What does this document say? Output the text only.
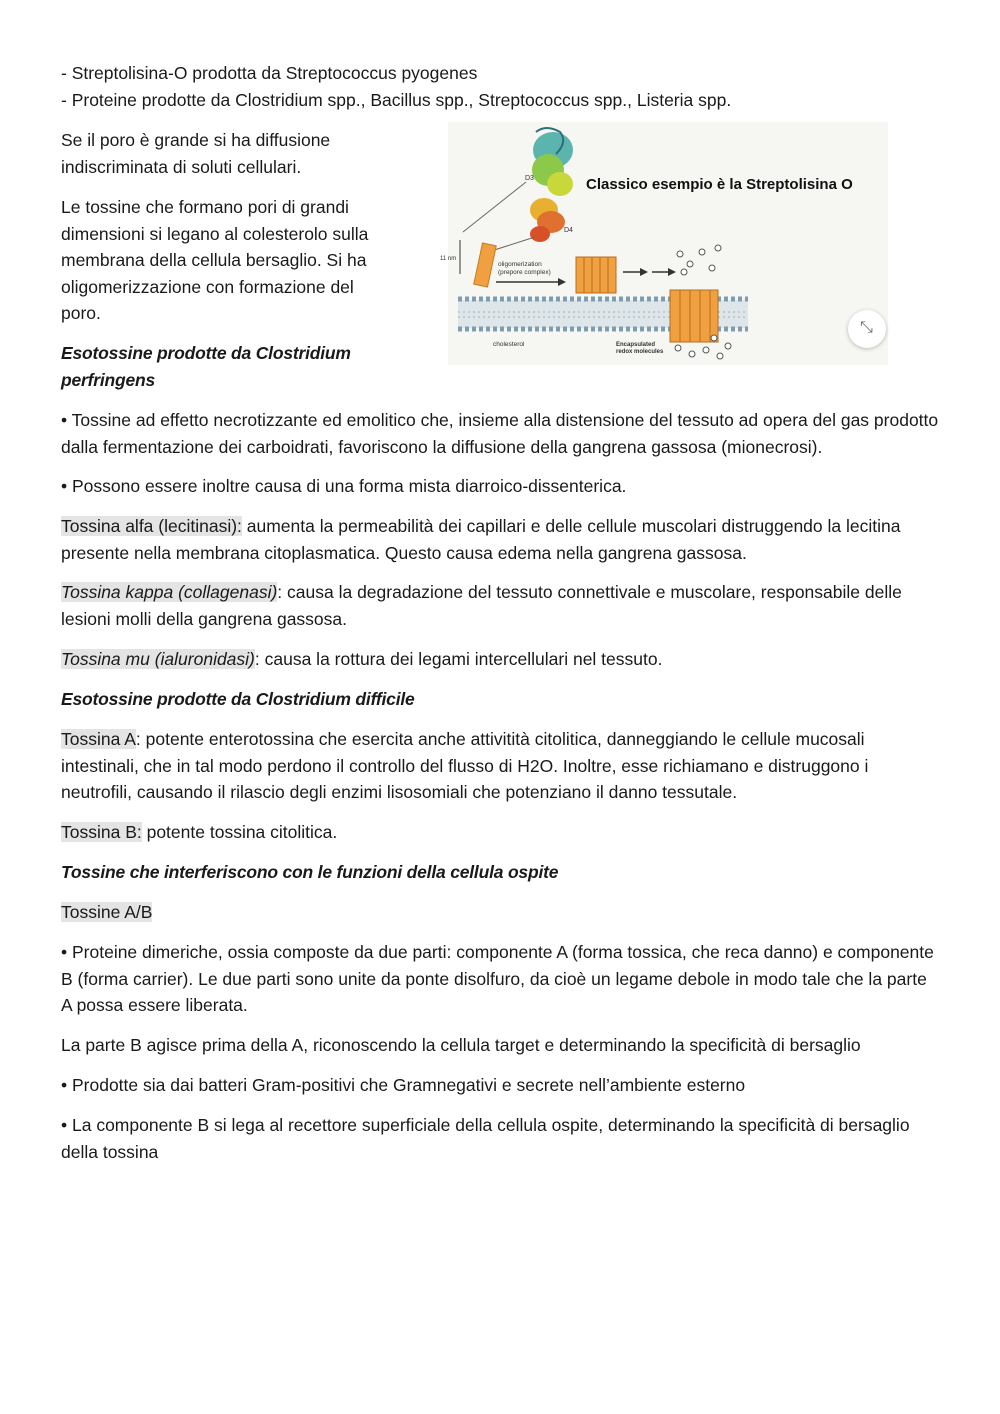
- Streptolisina-O prodotta da Streptococcus pyogenes

- Proteine prodotte da Clostridium spp., Bacillus spp., Streptococcus spp., Listeria spp.

Se il poro è grande si ha diffusione indiscriminata di soluti cellulari.

Le tossine che formano pori di grandi dimensioni si legano al colesterolo sulla membrana della cellula bersaglio. Si ha oligomerizzazione con formazione del poro.

Esotossine prodotte da Clostridium perfringens

D3
D4
Classico esempio è la Streptolisina O
11 nm
oligomerization
(prepore complex)
cholesterol	Encapsulated
redox molecules
⤡

• Tossine ad effetto necrotizzante ed emolitico che, insieme alla distensione del tessuto ad opera del gas prodotto dalla fermentazione dei carboidrati, favoriscono la diffusione della gangrena gassosa (mionecrosi).

• Possono essere inoltre causa di una forma mista diarroico-dissenterica.

Tossina alfa (lecitinasi): aumenta la permeabilità dei capillari e delle cellule muscolari distruggendo la lecitina presente nella membrana citoplasmatica. Questo causa edema nella gangrena gassosa.

Tossina kappa (collagenasi): causa la degradazione del tessuto connettivale e muscolare, responsabile delle lesioni molli della gangrena gassosa.

Tossina mu (ialuronidasi): causa la rottura dei legami intercellulari nel tessuto.

Esotossine prodotte da Clostridium difficile

Tossina A: potente enterotossina che esercita anche attivitità citolitica, danneggiando le cellule mucosali intestinali, che in tal modo perdono il controllo del flusso di H2O. Inoltre, esse richiamano e distruggono i neutrofili, causando il rilascio degli enzimi lisosomiali che potenziano il danno tessutale.

Tossina B: potente tossina citolitica.

Tossine che interferiscono con le funzioni della cellula ospite

Tossine A/B

• Proteine dimeriche, ossia composte da due parti: componente A (forma tossica, che reca danno) e componente B (forma carrier). Le due parti sono unite da ponte disolfuro, da cioè un legame debole in modo tale che la parte A possa essere liberata.

La parte B agisce prima della A, riconoscendo la cellula target e determinando la specificità di bersaglio

• Prodotte sia dai batteri Gram-positivi che Gramnegativi e secrete nell’ambiente esterno

• La componente B si lega al recettore superficiale della cellula ospite, determinando la specificità di bersaglio della tossina
